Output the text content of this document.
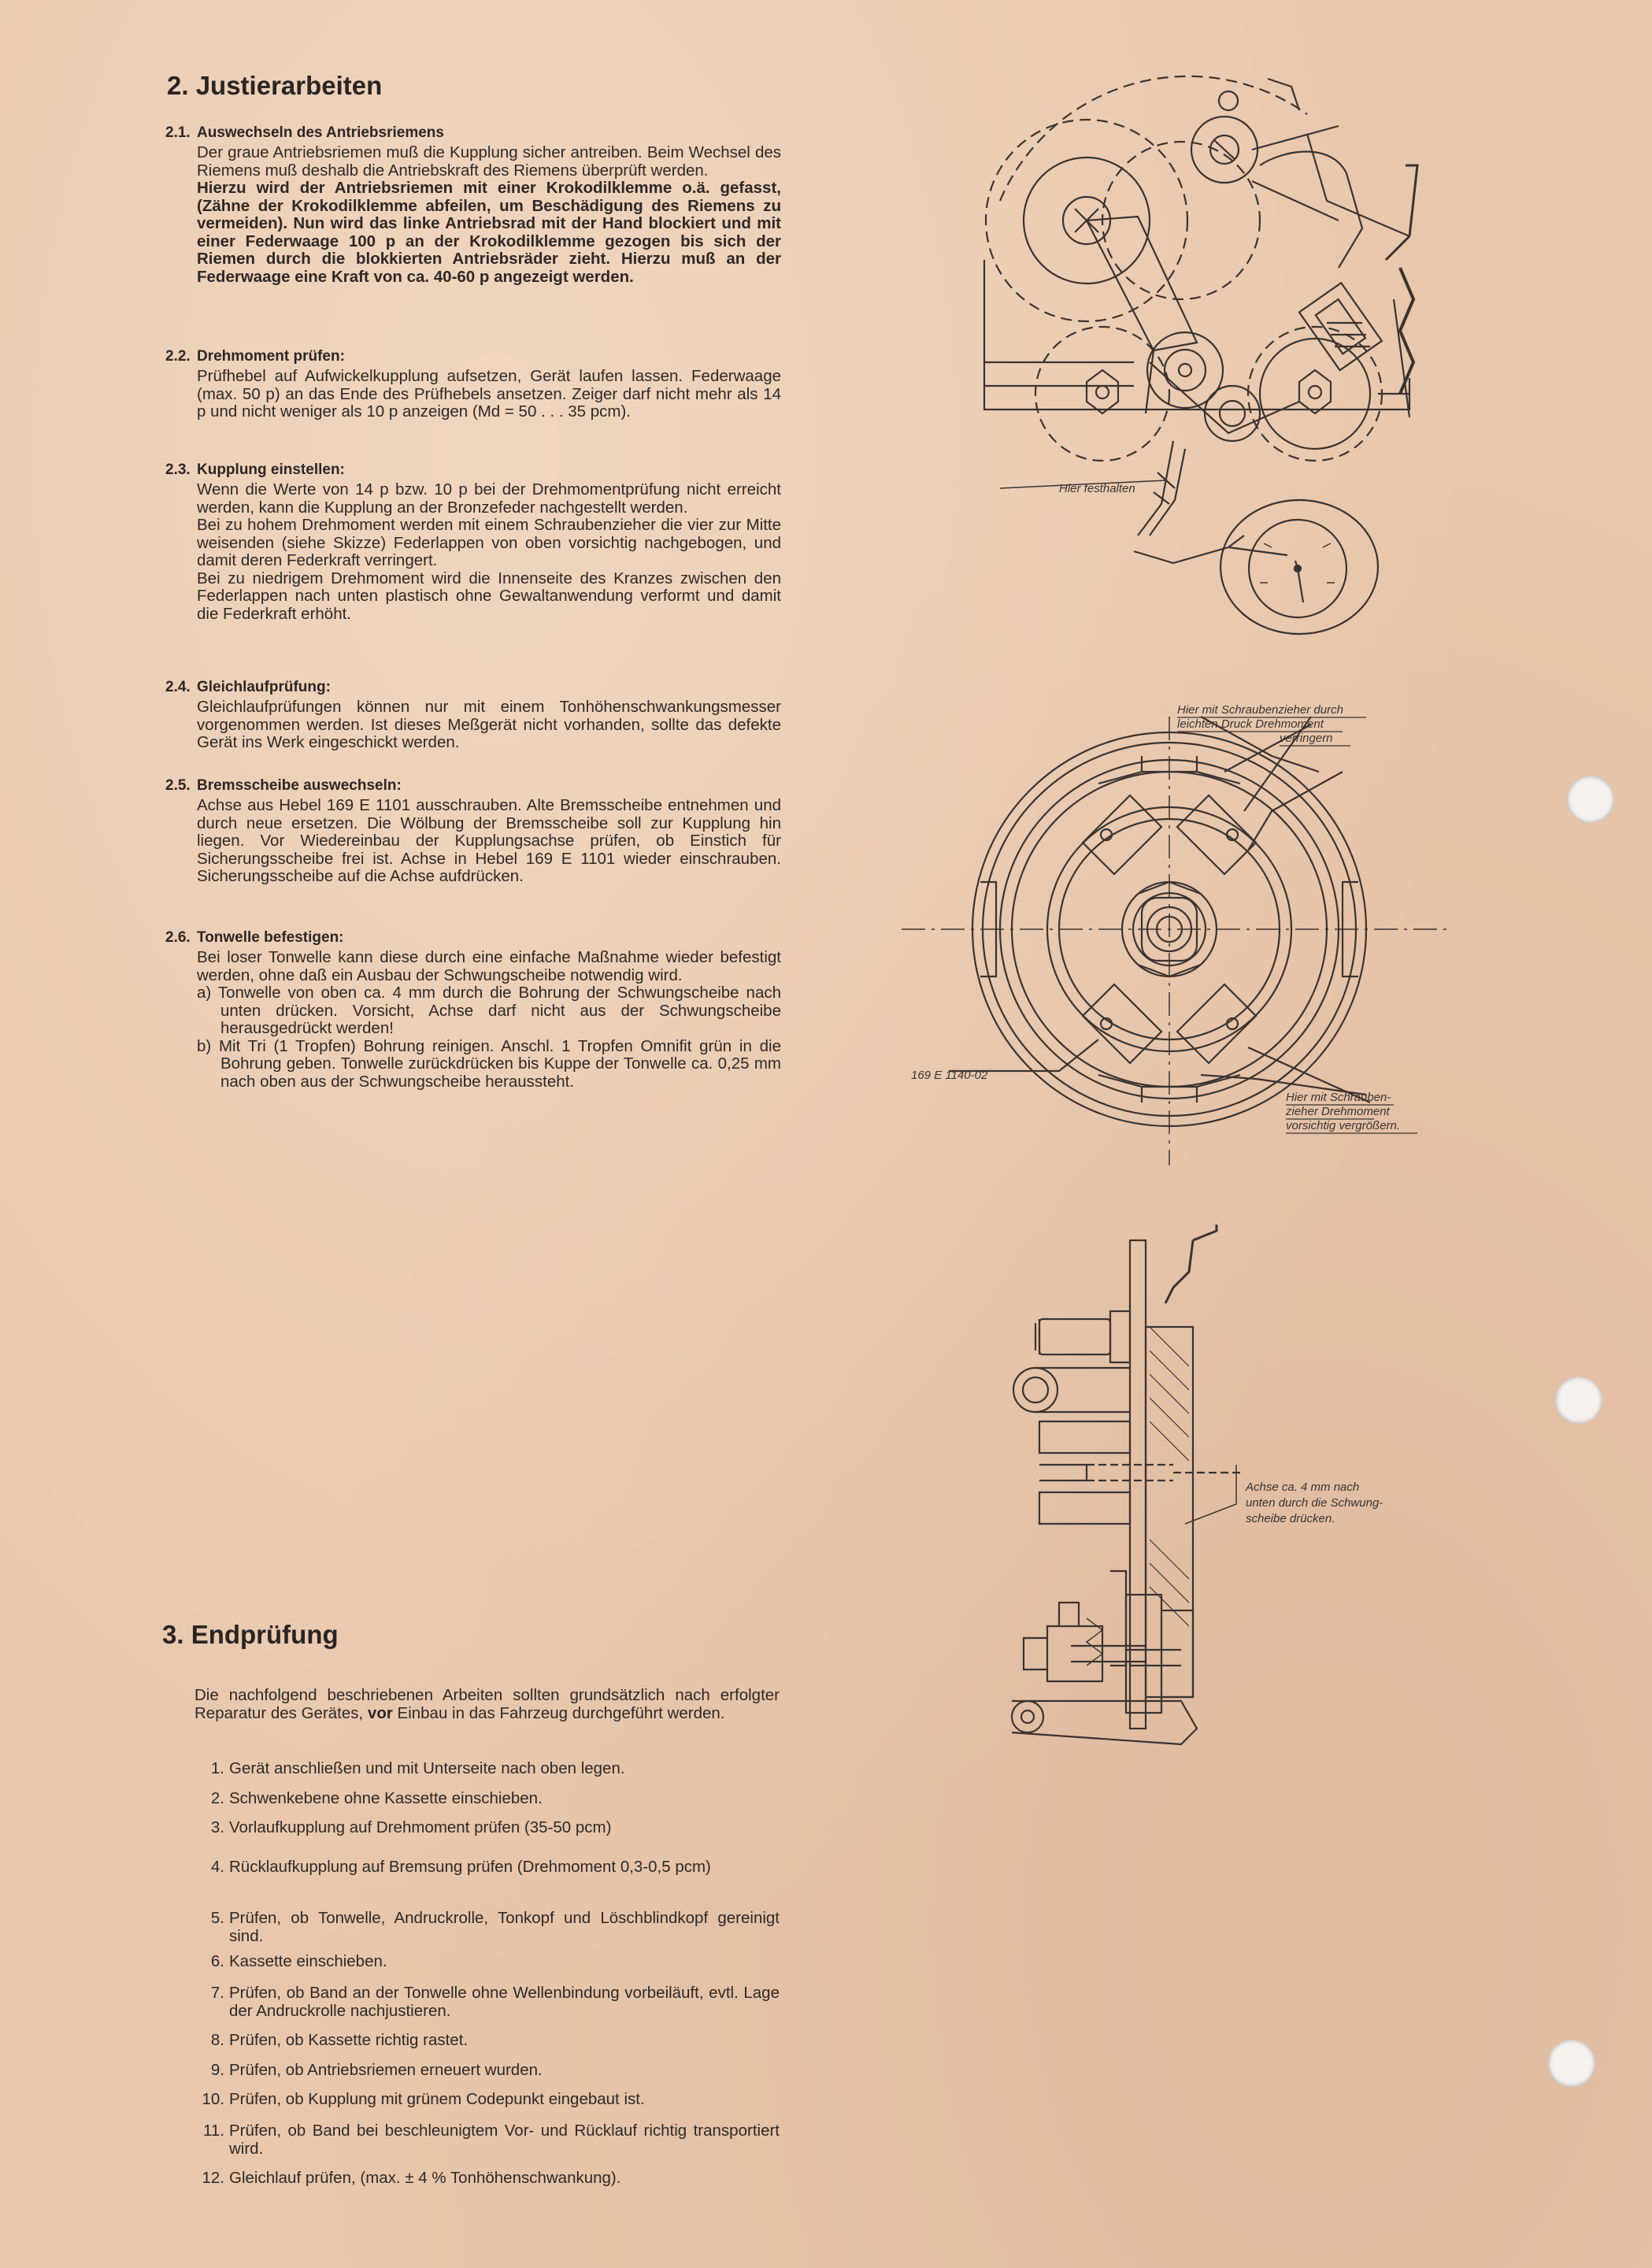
2. Justierarbeiten
2.1. Auswechseln des Antriebsriemens

Der graue Antriebsriemen muß die Kupplung sicher antreiben. Beim Wechsel des Riemens muß deshalb die Antriebskraft des Riemens überprüft werden.

Hierzu wird der Antriebsriemen mit einer Krokodilklemme o.ä. gefasst, (Zähne der Krokodilklemme abfeilen, um Beschädigung des Riemens zu vermeiden). Nun wird das linke Antriebsrad mit der Hand blockiert und mit einer Federwaage 100 p an der Krokodilklemme gezogen bis sich der Riemen durch die blokkierten Antriebsräder zieht. Hierzu muß an der Federwaage eine Kraft von ca. 40-60 p angezeigt werden.

2.2. Drehmoment prüfen:

Prüfhebel auf Aufwickelkupplung aufsetzen, Gerät laufen lassen. Federwaage (max. 50 p) an das Ende des Prüfhebels ansetzen. Zeiger darf nicht mehr als 14 p und nicht weniger als 10 p anzeigen (Md = 50 . . . 35 pcm).

2.3. Kupplung einstellen:

Wenn die Werte von 14 p bzw. 10 p bei der Drehmomentprüfung nicht erreicht werden, kann die Kupplung an der Bronzefeder nachgestellt werden.

Bei zu hohem Drehmoment werden mit einem Schraubenzieher die vier zur Mitte weisenden (siehe Skizze) Federlappen von oben vorsichtig nachgebogen, und damit deren Federkraft verringert.

Bei zu niedrigem Drehmoment wird die Innenseite des Kranzes zwischen den Federlappen nach unten plastisch ohne Gewaltanwendung verformt und damit die Federkraft erhöht.

2.4. Gleichlaufprüfung:

Gleichlaufprüfungen können nur mit einem Tonhöhenschwankungsmesser vorgenommen werden. Ist dieses Meßgerät nicht vorhanden, sollte das defekte Gerät ins Werk eingeschickt werden.

2.5. Bremsscheibe auswechseln:

Achse aus Hebel 169 E 1101 ausschrauben. Alte Bremsscheibe entnehmen und durch neue ersetzen. Die Wölbung der Bremsscheibe soll zur Kupplung hin liegen. Vor Wiedereinbau der Kupplungsachse prüfen, ob Einstich für Sicherungsscheibe frei ist. Achse in Hebel 169 E 1101 wieder einschrauben. Sicherungsscheibe auf die Achse aufdrücken.

2.6. Tonwelle befestigen:

Bei loser Tonwelle kann diese durch eine einfache Maßnahme wieder befestigt werden, ohne daß ein Ausbau der Schwungscheibe notwendig wird.

a) Tonwelle von oben ca. 4 mm durch die Bohrung der Schwungscheibe nach unten drücken. Vorsicht, Achse darf nicht aus der Schwungscheibe herausgedrückt werden!

b) Mit Tri (1 Tropfen) Bohrung reinigen. Anschl. 1 Tropfen Omnifit grün in die Bohrung geben. Tonwelle zurückdrücken bis Kuppe der Tonwelle ca. 0,25 mm nach oben aus der Schwungscheibe heraussteht.

3. Endprüfung

Die nachfolgend beschriebenen Arbeiten sollten grundsätzlich nach erfolgter Reparatur des Gerätes, vor Einbau in das Fahrzeug durchgeführt werden.

1. Gerät anschließen und mit Unterseite nach oben legen.
2. Schwenkebene ohne Kassette einschieben.
3. Vorlaufkupplung auf Drehmoment prüfen (35-50 pcm)
4. Rücklaufkupplung auf Bremsung prüfen (Drehmoment 0,3-0,5 pcm)
5. Prüfen, ob Tonwelle, Andruckrolle, Tonkopf und Löschblindkopf gereinigt sind.
6. Kassette einschieben.
7. Prüfen, ob Band an der Tonwelle ohne Wellenbindung vorbeiläuft, evtl. Lage der Andruckrolle nachjustieren.
8. Prüfen, ob Kassette richtig rastet.
9. Prüfen, ob Antriebsriemen erneuert wurden.
10. Prüfen, ob Kupplung mit grünem Codepunkt eingebaut ist.
11. Prüfen, ob Band bei beschleunigtem Vor- und Rücklauf richtig transportiert wird.
12. Gleichlauf prüfen, (max. ± 4 % Tonhöhenschwankung).
Hier festhalten
Hier mit Schraubenzieher durch
leichten Druck Drehmoment
verringern
169 E 1140-02
Hier mit Schrauben-
zieher Drehmoment
vorsichtig vergrößern.
Achse ca. 4 mm nach
unten durch die Schwung-
scheibe drücken.
